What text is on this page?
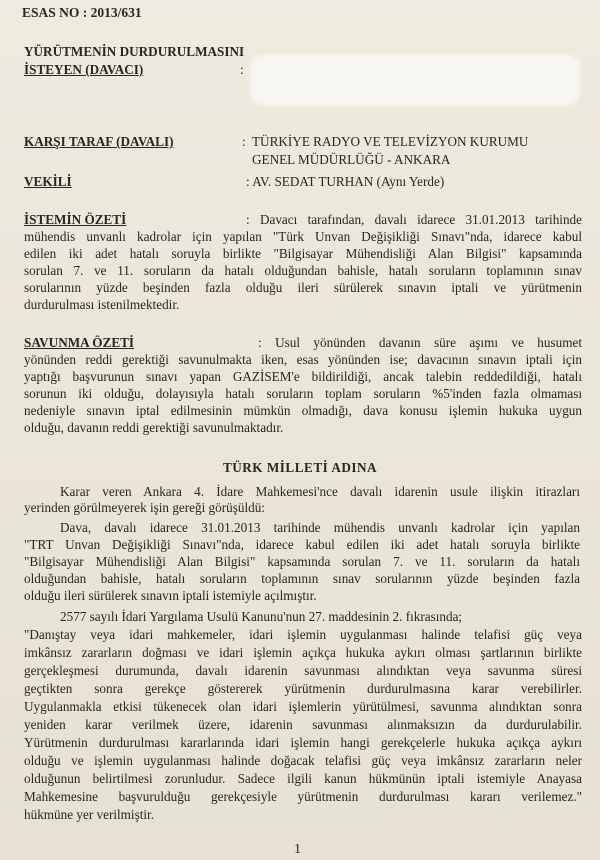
ESAS NO : 2013/631
YÜRÜTMENİN DURDURULMASINI
İSTEYEN (DAVACI)	:
KARŞI TARAF (DAVALI)	: TÜRKİYE RADYO VE TELEVİZYON KURUMU
GENEL MÜDÜRLÜĞÜ - ANKARA
VEKİLİ	: AV. SEDAT TURHAN (Aynı Yerde)
İSTEMİN ÖZETİ	: Davacı tarafından, davalı idarece 31.01.2013 tarihinde
mühendis unvanlı kadrolar için yapılan "Türk Unvan Değişikliği Sınavı"nda, idarece kabul
edilen iki adet hatalı soruyla birlikte "Bilgisayar Mühendisliği Alan Bilgisi" kapsamında
sorulan 7. ve 11. soruların da hatalı olduğundan bahisle, hatalı soruların toplamının sınav
sorularının yüzde beşinden fazla olduğu ileri sürülerek sınavın iptali ve yürütmenin
durdurulması istenilmektedir.
SAVUNMA ÖZETİ	: Usul yönünden davanın süre aşımı ve husumet
yönünden reddi gerektiği savunulmakta iken, esas yönünden ise; davacının sınavın iptali için
yaptığı başvurunun sınavı yapan GAZİSEM'e bildirildiği, ancak talebin reddedildiği, hatalı
sorunun iki olduğu, dolayısıyla hatalı soruların toplam soruların %5'inden fazla olmaması
nedeniyle sınavın iptal edilmesinin mümkün olmadığı, dava konusu işlemin hukuka uygun
olduğu, davanın reddi gerektiği savunulmaktadır.
TÜRK MİLLETİ ADINA
Karar veren Ankara 4. İdare Mahkemesi'nce davalı idarenin usule ilişkin itirazları
yerinden görülmeyerek işin gereği görüşüldü:
Dava, davalı idarece 31.01.2013 tarihinde mühendis unvanlı kadrolar için yapılan
"TRT Unvan Değişikliği Sınavı"nda, idarece kabul edilen iki adet hatalı soruyla birlikte
"Bilgisayar Mühendisliği Alan Bilgisi" kapsamında sorulan 7. ve 11. soruların da hatalı
olduğundan bahisle, hatalı soruların toplamının sınav sorularının yüzde beşinden fazla
olduğu ileri sürülerek sınavın iptali istemiyle açılmıştır.
2577 sayılı İdari Yargılama Usulü Kanunu'nun 27. maddesinin 2. fıkrasında;
"Danıştay veya idari mahkemeler, idari işlemin uygulanması halinde telafisi güç veya
imkânsız zararların doğması ve idari işlemin açıkça hukuka aykırı olması şartlarının birlikte
gerçekleşmesi durumunda, davalı idarenin savunması alındıktan veya savunma süresi
geçtikten sonra gerekçe göstererek yürütmenin durdurulmasına karar verebilirler.
Uygulanmakla etkisi tükenecek olan idari işlemlerin yürütülmesi, savunma alındıktan sonra
yeniden karar verilmek üzere, idarenin savunması alınmaksızın da durdurulabilir.
Yürütmenin durdurulması kararlarında idari işlemin hangi gerekçelerle hukuka açıkça aykırı
olduğu ve işlemin uygulanması halinde doğacak telafisi güç veya imkânsız zararların neler
olduğunun belirtilmesi zorunludur. Sadece ilgili kanun hükmünün iptali istemiyle Anayasa
Mahkemesine başvurulduğu gerekçesiyle yürütmenin durdurulması kararı verilemez."
hükmüne yer verilmiştir.
1
